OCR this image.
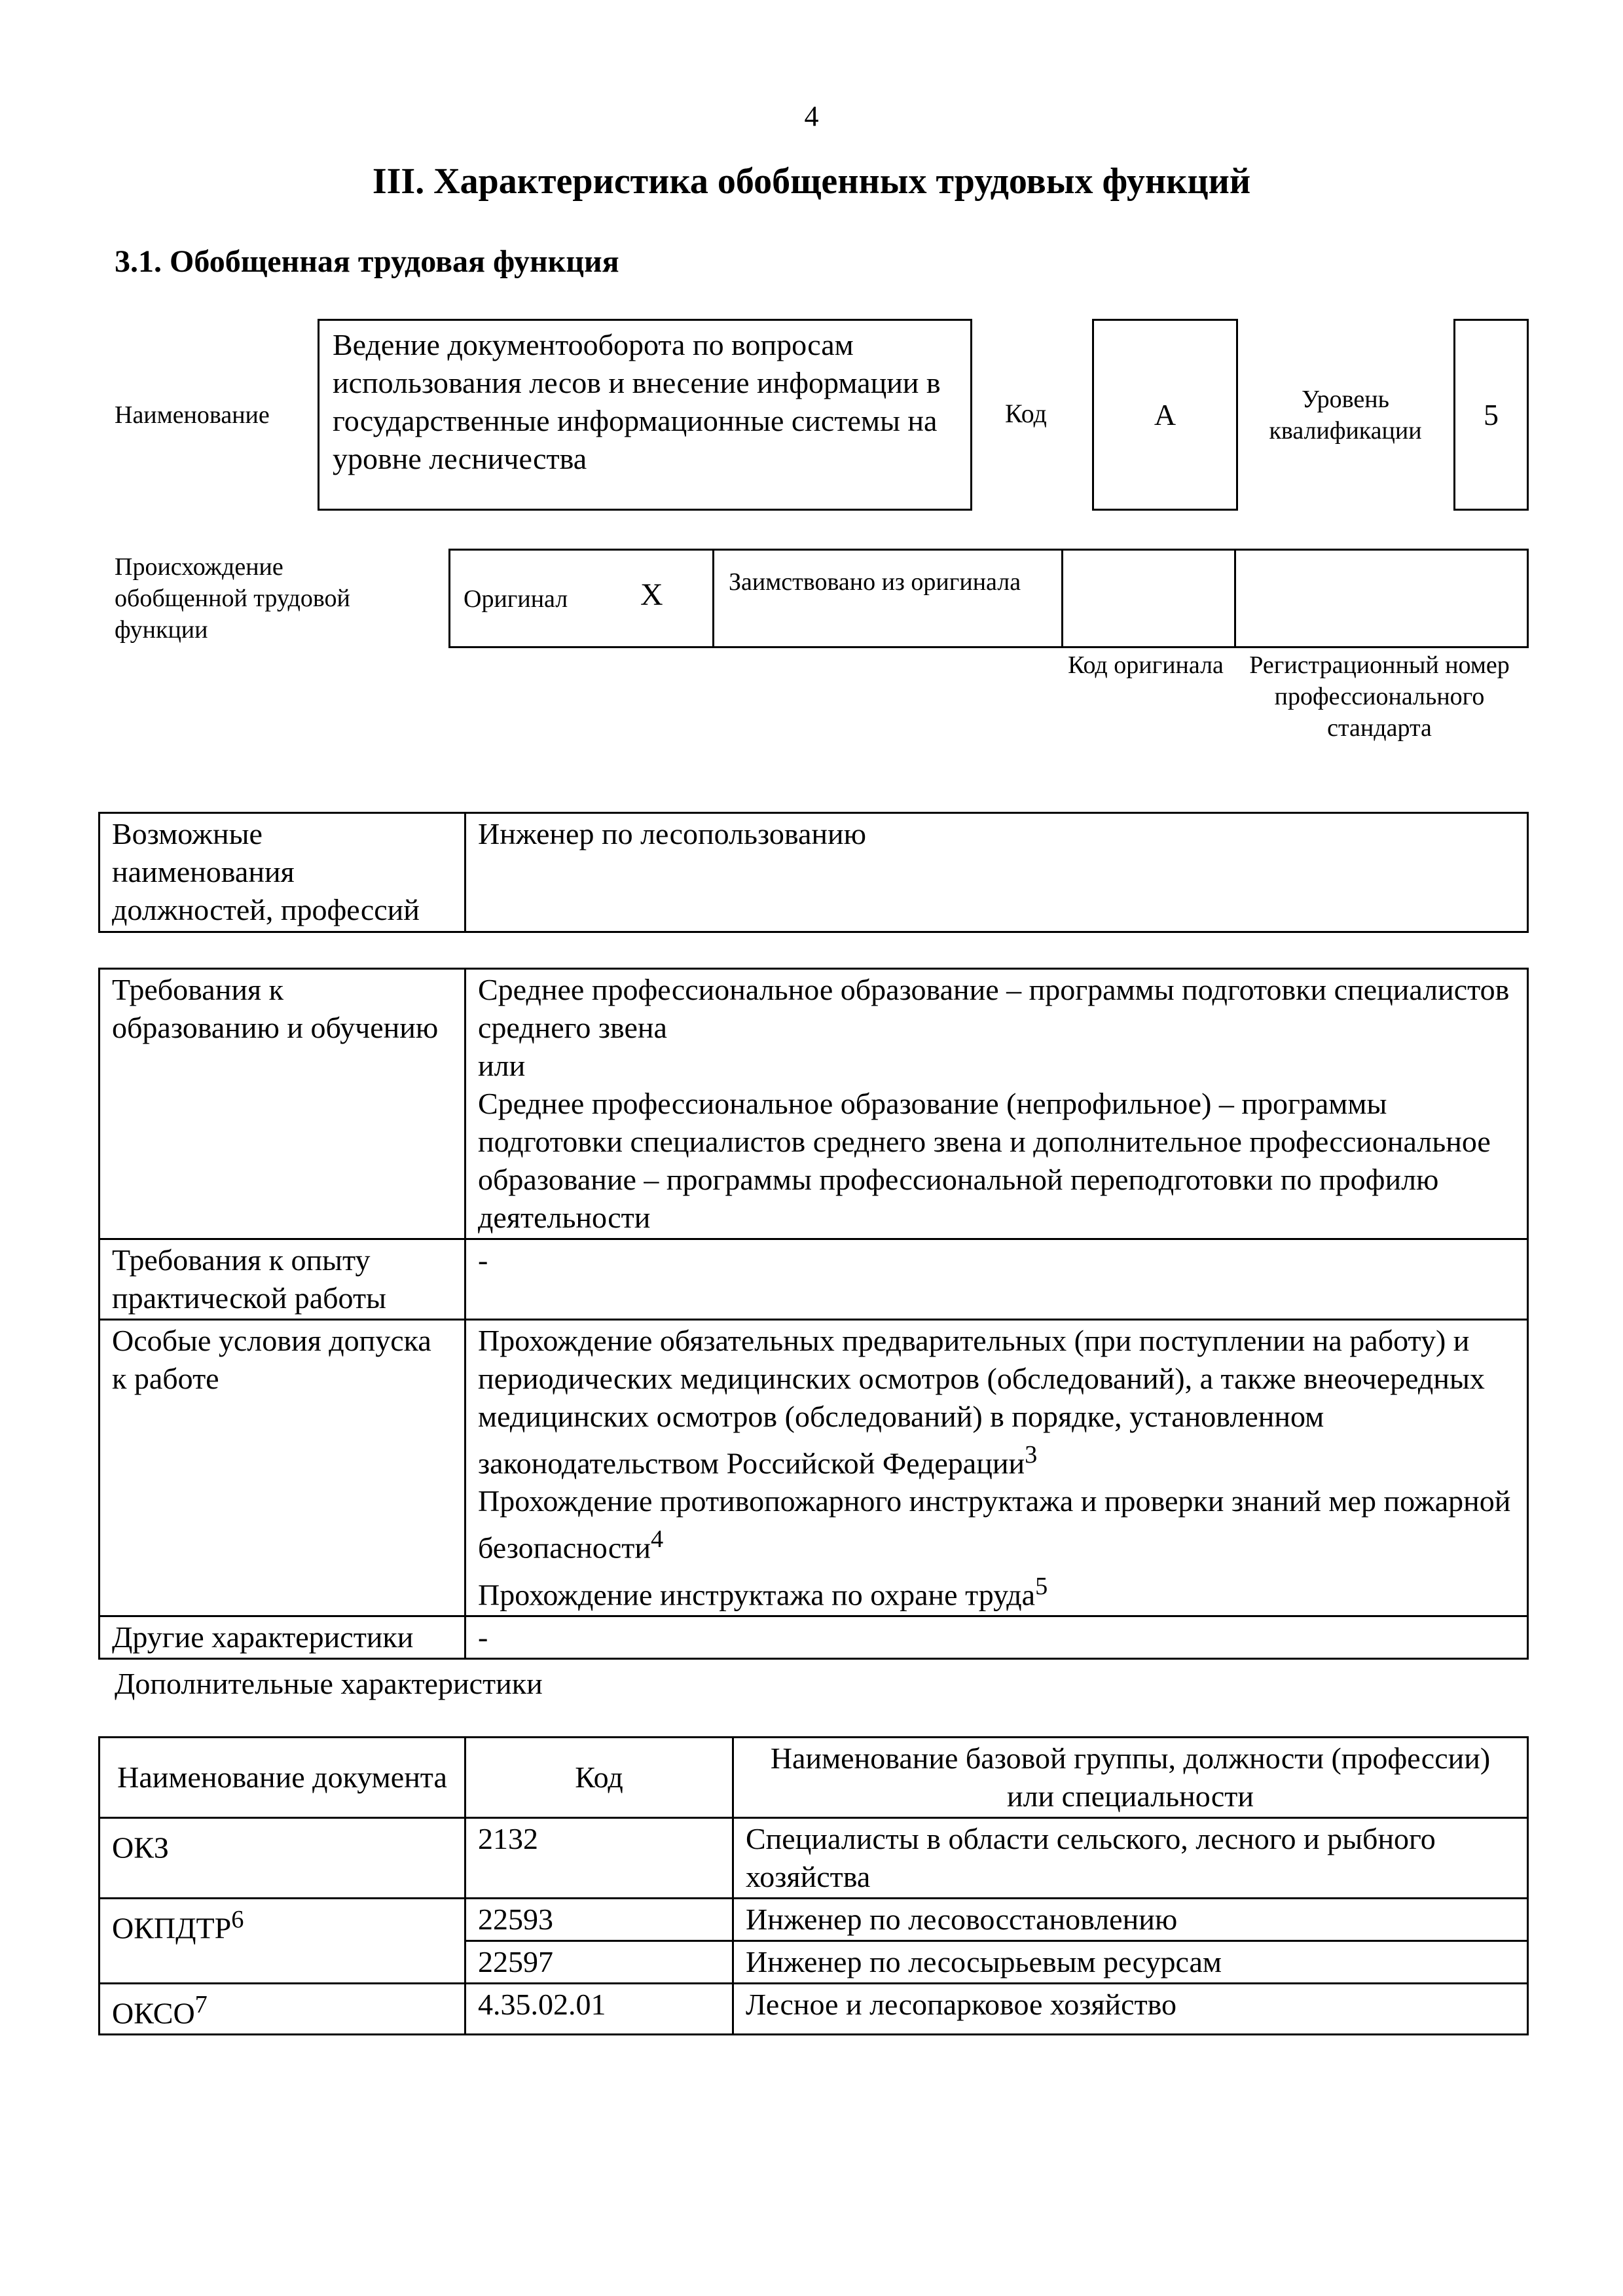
4
III. Характеристика обобщенных трудовых функций
3.1. Обобщенная трудовая функция
Наименование
Ведение документооборота по вопросам использования лесов и внесение информации в государственные информационные системы на уровне лесничества
Код	A	Уровень квалификации	5
Происхождение обобщенной трудовой функции
Оригинал X	Заимствовано из оригинала
Код оригинала	Регистрационный номер профессионального стандарта
Возможные наименования должностей, профессий	Инженер по лесопользованию
Требования к образованию и обучению	Среднее профессиональное образование – программы подготовки специалистов среднего звена
или
Среднее профессиональное образование (непрофильное) – программы подготовки специалистов среднего звена и дополнительное профессиональное образование – программы профессиональной переподготовки по профилю деятельности

Требования к опыту практической работы	-
Особые условия допуска к работе	Прохождение обязательных предварительных (при поступлении на работу) и периодических медицинских осмотров (обследований), а также внеочередных медицинских осмотров (обследований) в порядке, установленном законодательством Российской Федерации$^3$
Прохождение противопожарного инструктажа и проверки знаний мер пожарной безопасности$^4$
Прохождение инструктажа по охране труда$^5$

Другие характеристики	-
Дополнительные характеристики
Наименование документа	Код	Наименование базовой группы, должности (профессии) или специальности
ОКЗ	2132	Специалисты в области сельского, лесного и рыбного хозяйства
ОКПДТР$^6$	22593	Инженер по лесовосстановлению
	22597	Инженер по лесосырьевым ресурсам
ОКСО$^7$	4.35.02.01	Лесное и лесопарковое хозяйство
